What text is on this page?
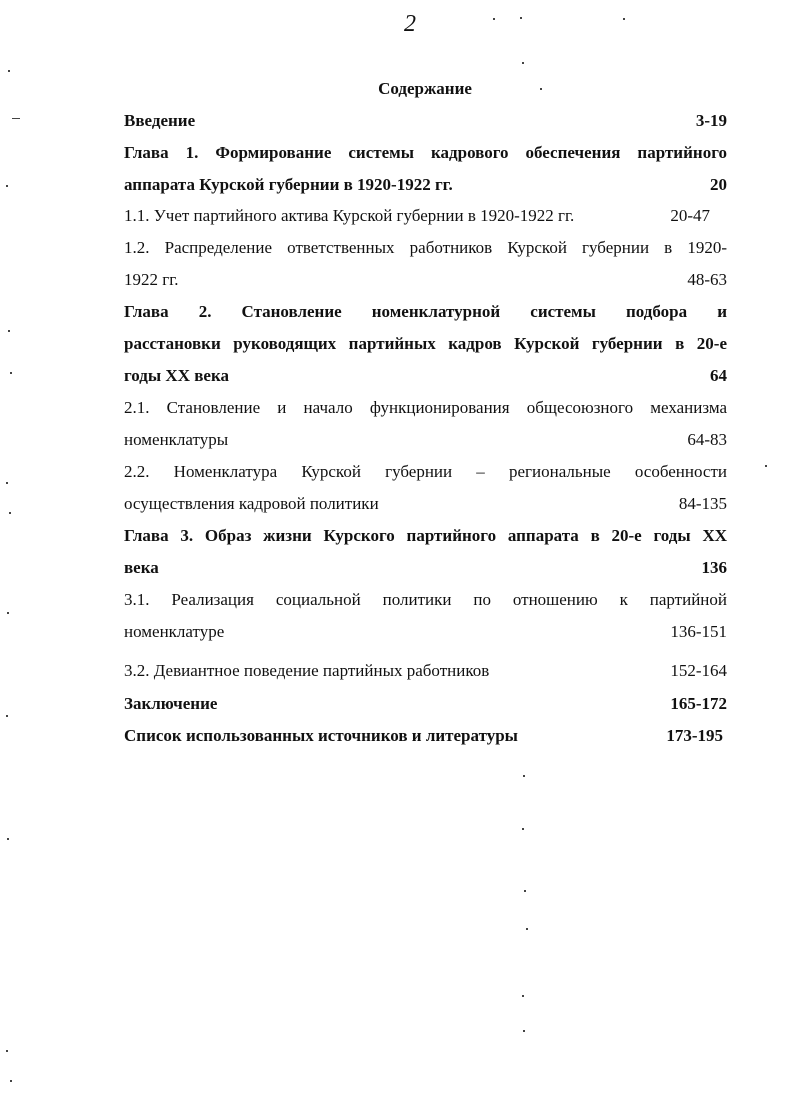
2
Содержание
Введение	3-19
Глава 1. Формирование системы кадрового обеспечения партийного
аппарата Курской губернии в 1920-1922 гг.	20
1.1. Учет партийного актива Курской губернии в 1920-1922 гг.	20-47
1.2. Распределение ответственных работников Курской губернии в 1920-
1922 гг.	48-63
Глава 2. Становление номенклатурной системы подбора и
расстановки руководящих партийных кадров Курской губернии в 20-е
годы XX века	64
2.1. Становление и начало функционирования общесоюзного механизма
номенклатуры	64-83
2.2. Номенклатура Курской губернии – региональные особенности
осуществления кадровой политики	84-135
Глава 3. Образ жизни Курского партийного аппарата в 20-е годы XX
века	136
3.1. Реализация социальной политики по отношению к партийной
номенклатуре	136-151
3.2. Девиантное поведение партийных работников	152-164
Заключение	165-172
Список использованных источников и литературы	173-195
